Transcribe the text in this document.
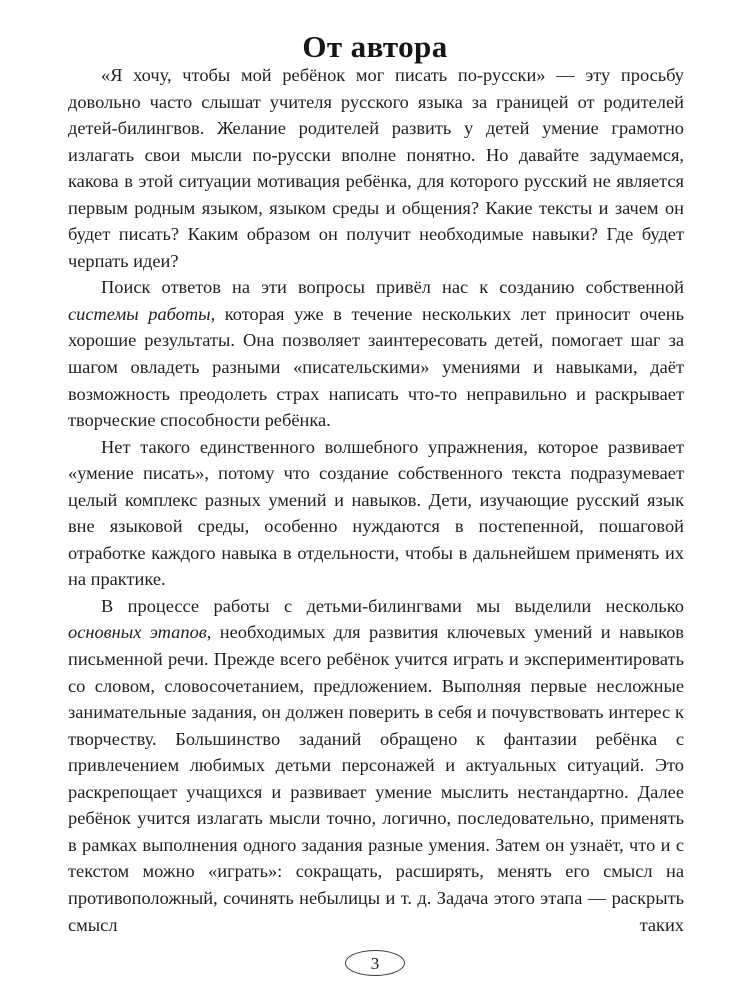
От автора

«Я хочу, чтобы мой ребёнок мог писать по-русски» — эту просьбу довольно часто слышат учителя русского языка за границей от родителей детей-билингвов. Желание родителей развить у детей умение грамотно излагать свои мысли по-русски вполне понятно. Но давайте задумаемся, какова в этой ситуации мотивация ребёнка, для которого русский не является первым родным языком, языком среды и общения? Какие тексты и зачем он будет писать? Каким образом он получит необходимые навыки? Где будет черпать идеи?

Поиск ответов на эти вопросы привёл нас к созданию собственной системы работы, которая уже в течение нескольких лет приносит очень хорошие результаты. Она позволяет заинтересовать детей, помогает шаг за шагом овладеть разными «писательскими» умениями и навыками, даёт возможность преодолеть страх написать что-то неправильно и раскрывает творческие способности ребёнка.

Нет такого единственного волшебного упражнения, которое развивает «умение писать», потому что создание собственного текста подразумевает целый комплекс разных умений и навыков. Дети, изучающие русский язык вне языковой среды, особенно нуждаются в постепенной, пошаговой отработке каждого навыка в отдельности, чтобы в дальнейшем применять их на практике.

В процессе работы с детьми-билингвами мы выделили несколько основных этапов, необходимых для развития ключевых умений и навыков письменной речи. Прежде всего ребёнок учится играть и экспериментировать со словом, словосочетанием, предложением. Выполняя первые несложные занимательные задания, он должен поверить в себя и почувствовать интерес к творчеству. Большинство заданий обращено к фантазии ребёнка с привлечением любимых детьми персонажей и актуальных ситуаций. Это раскрепощает учащихся и развивает умение мыслить нестандартно. Далее ребёнок учится излагать мысли точно, логично, последовательно, применять в рамках выполнения одного задания разные умения. Затем он узнаёт, что и с текстом можно «играть»: сокращать, расширять, менять его смысл на противоположный, сочинять небылицы и т. д. Задача этого этапа — раскрыть смысл таких

3
